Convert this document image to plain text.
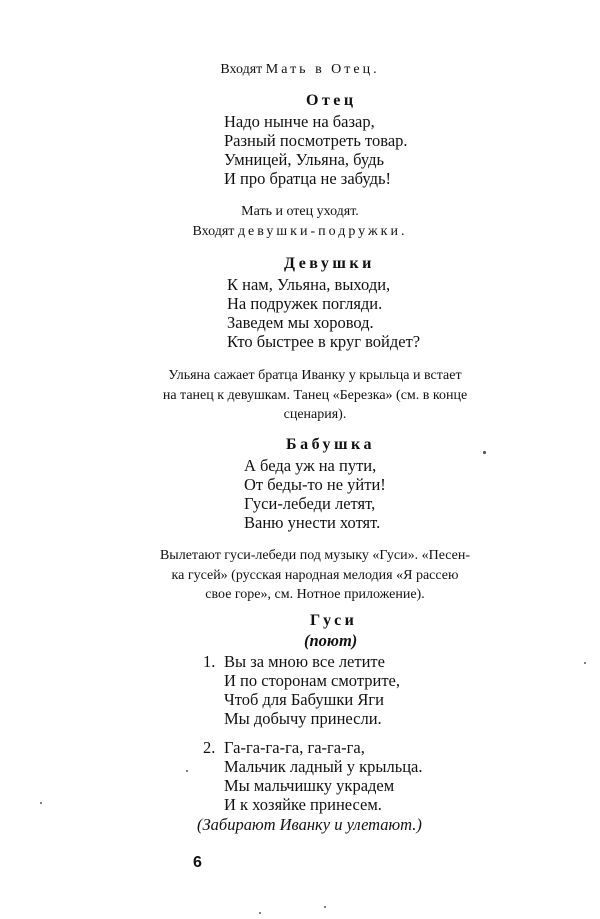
Входят Мать в Отец.
Отец
Надо нынче на базар,
Разный посмотреть товар.
Умницей, Ульяна, будь
И про братца не забудь!
Мать и отец уходят.
Входят девушки-подружки.
Девушки
К нам, Ульяна, выходи,
На подружек погляди.
Заведем мы хоровод.
Кто быстрее в круг войдет?
Ульяна сажает братца Иванку у крыльца и встает
на танец к девушкам. Танец «Березка» (см. в конце
сценария).
Бабушка
А беда уж на пути,
От беды-то не уйти!
Гуси-лебеди летят,
Ваню унести хотят.
Вылетают гуси-лебеди под музыку «Гуси». «Песен-
ка гусей» (русская народная мелодия «Я рассею
свое горе», см. Нотное приложение).
Гуси
(поют)
1. Вы за мною все летите
И по сторонам смотрите,
Чтоб для Бабушки Яги
Мы добычу принесли.
2. Га-га-га-га, га-га-га,
Мальчик ладный у крыльца.
Мы мальчишку украдем
И к хозяйке принесем.
(Забирают Иванку и улетают.)
6
